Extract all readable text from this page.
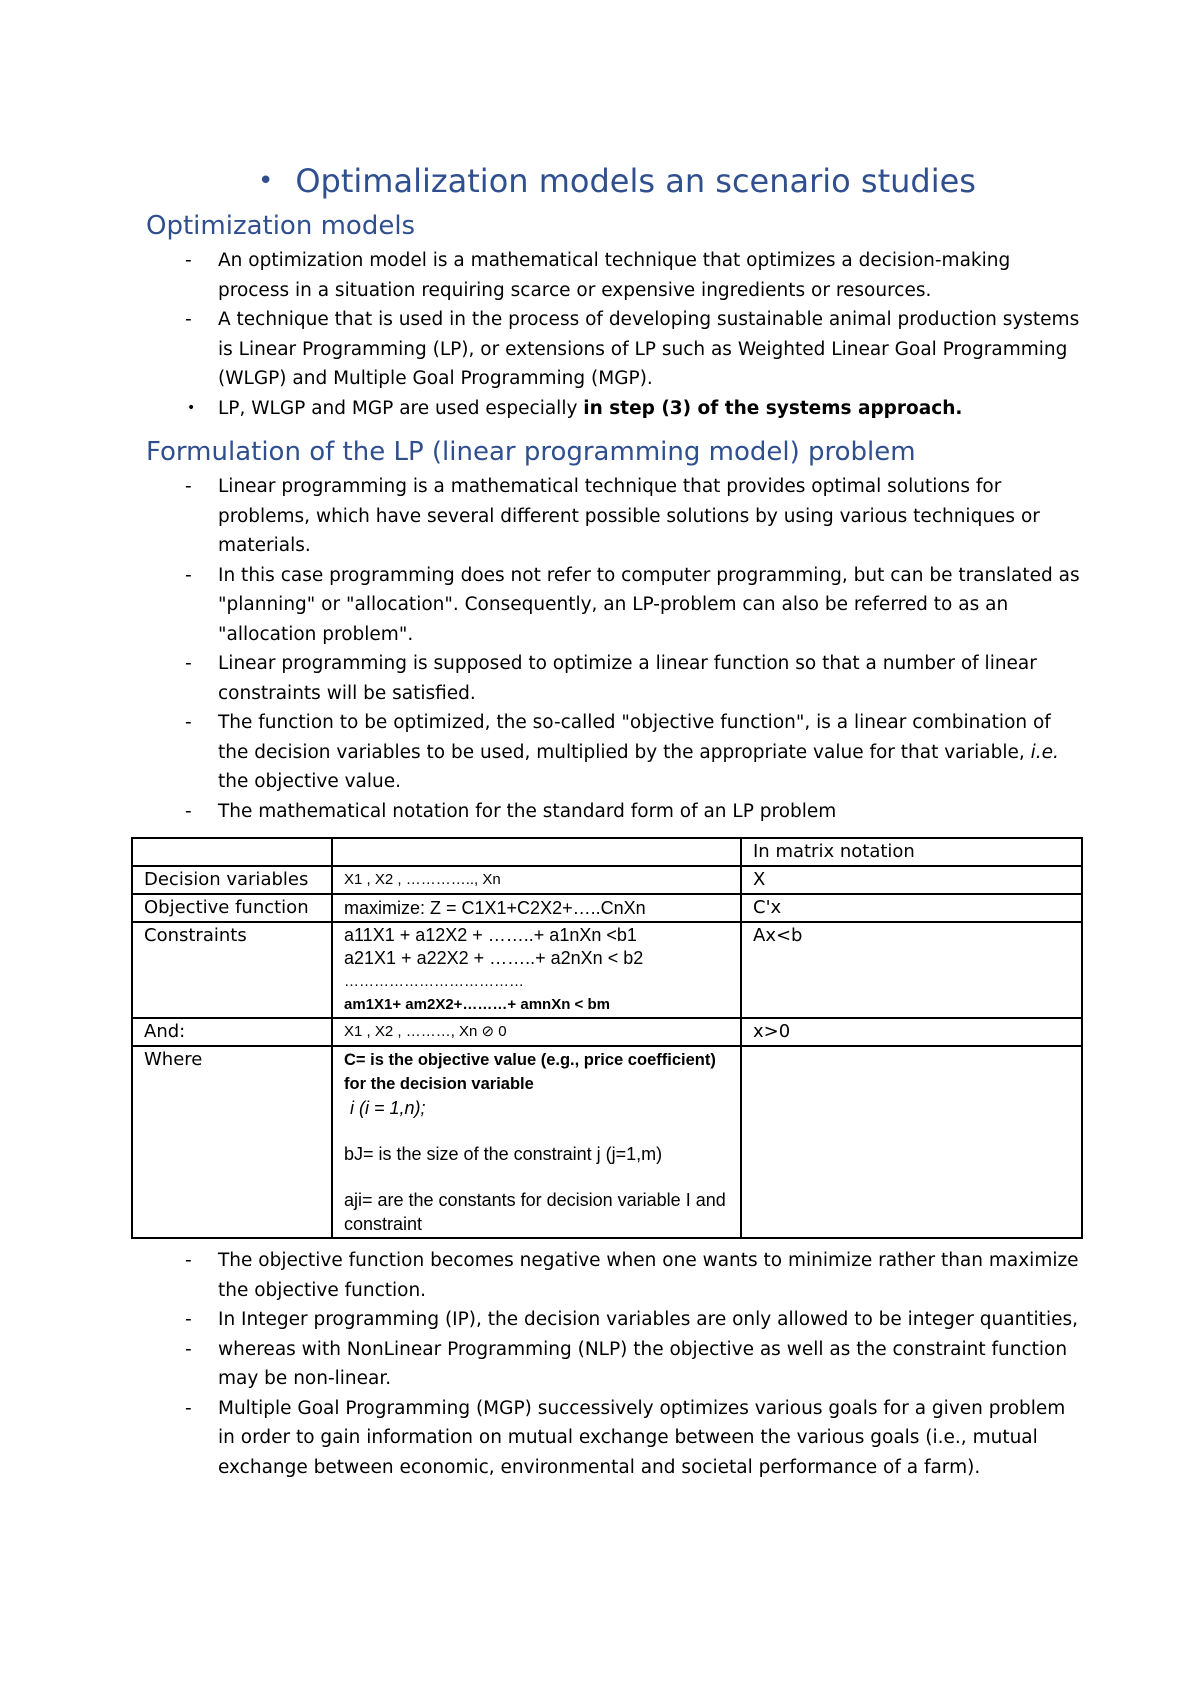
• Optimalization models an scenario studies
Optimization models
-	An optimization model is a mathematical technique that optimizes a decision-making process in a situation requiring scarce or expensive ingredients or resources.
-	A technique that is used in the process of developing sustainable animal production systems is Linear Programming (LP), or extensions of LP such as Weighted Linear Goal Programming (WLGP) and Multiple Goal Programming (MGP).
•	LP, WLGP and MGP are used especially in step (3) of the systems approach.
Formulation of the LP (linear programming model) problem
-	Linear programming is a mathematical technique that provides optimal solutions for problems, which have several different possible solutions by using various techniques or materials.
-	In this case programming does not refer to computer programming, but can be translated as "planning" or "allocation". Consequently, an LP-problem can also be referred to as an "allocation problem".
-	Linear programming is supposed to optimize a linear function so that a number of linear constraints will be satisfied.
-	The function to be optimized, the so-called "objective function", is a linear combination of the decision variables to be used, multiplied by the appropriate value for that variable, i.e. the objective value.
-	The mathematical notation for the standard form of an LP problem
		In matrix notation
Decision variables	X1 , X2 , ………….., Xn	X
Objective function	maximize: Z = C1X1+C2X2+…..CnXn	C'x
Constraints	a11X1 + a12X2 + ……..+ a1nXn <b1
a21X1 + a22X2 + ……..+ a2nXn < b2
………………………………
am1X1+ am2X2+………+ amnXn < bm	Ax<b
And:	X1 , X2 , ………, Xn ⊘ 0	x>0
Where	C= is the objective value (e.g., price coefficient) for the decision variable
i (i = 1,n);
bJ= is the size of the constraint j (j=1,m)
aji= are the constants for decision variable I and constraint	

-	The objective function becomes negative when one wants to minimize rather than maximize the objective function.
-	In Integer programming (IP), the decision variables are only allowed to be integer quantities,
-	whereas with NonLinear Programming (NLP) the objective as well as the constraint function may be non-linear.
-	Multiple Goal Programming (MGP) successively optimizes various goals for a given problem in order to gain information on mutual exchange between the various goals (i.e., mutual exchange between economic, environmental and societal performance of a farm).
